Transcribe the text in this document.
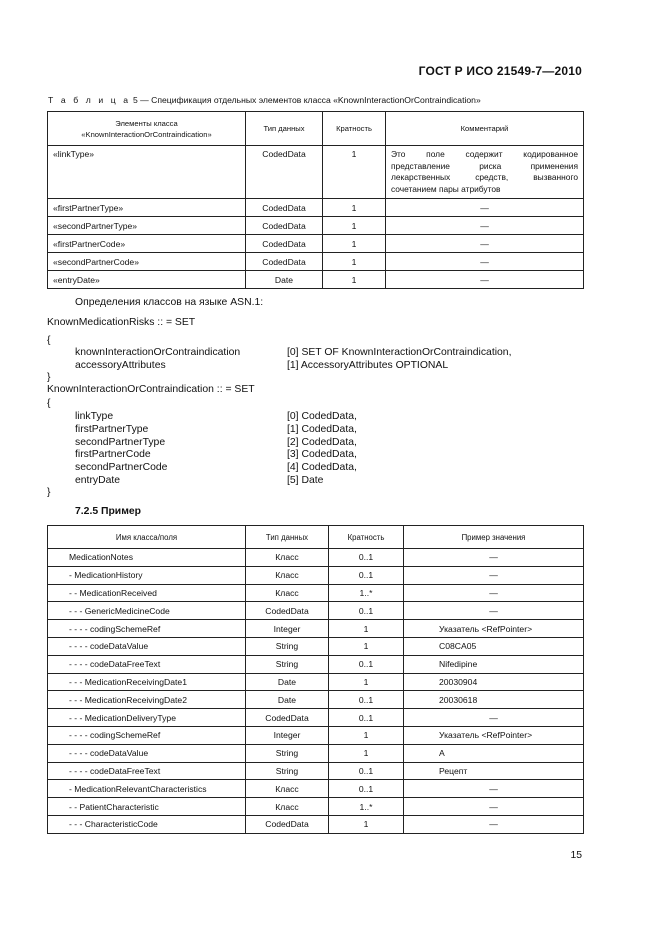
ГОСТ Р ИСО 21549-7—2010
Т а б л и ц а 5 — Спецификация отдельных элементов класса «KnownInteractionOrContraindication»
Элементы класса «KnownInteractionOrContraindication»	Тип данных	Кратность	Комментарий
«linkType»	CodedData	1	Это поле содержит кодированное представление риска применения лекарственных средств, вызванного сочетанием пары атрибутов
«firstPartnerType»	CodedData	1	—
«secondPartnerType»	CodedData	1	—
«firstPartnerCode»	CodedData	1	—
«secondPartnerCode»	CodedData	1	—
«entryDate»	Date	1	—
Определения классов на языке ASN.1:
KnownMedicationRisks :: = SET
{
knownInteractionOrContraindication	[0] SET OF KnownInteractionOrContraindication,
accessoryAttributes	[1] AccessoryAttributes OPTIONAL
}
KnownInteractionOrContraindication :: = SET
{
linkType	[0] CodedData,
firstPartnerType	[1] CodedData,
secondPartnerType	[2] CodedData,
firstPartnerCode	[3] CodedData,
secondPartnerCode	[4] CodedData,
entryDate	[5] Date
}
7.2.5 Пример
Имя класса/поля	Тип данных	Кратность	Пример значения
MedicationNotes	Класс	0..1	—
- MedicationHistory	Класс	0..1	—
- - MedicationReceived	Класс	1..*	—
- - - GenericMedicineCode	CodedData	0..1	—
- - - - codingSchemeRef	Integer	1	Указатель <RefPointer>
- - - - codeDataValue	String	1	C08CA05
- - - - codeDataFreeText	String	0..1	Nifedipine
- - - MedicationReceivingDate1	Date	1	20030904
- - - MedicationReceivingDate2	Date	0..1	20030618
- - - MedicationDeliveryType	CodedData	0..1	—
- - - - codingSchemeRef	Integer	1	Указатель <RefPointer>
- - - - codeDataValue	String	1	A
- - - - codeDataFreeText	String	0..1	Рецепт
- MedicationRelevantCharacteristics	Класс	0..1	—
- - PatientCharacteristic	Класс	1..*	—
- - - CharacteristicCode	CodedData	1	—
15
